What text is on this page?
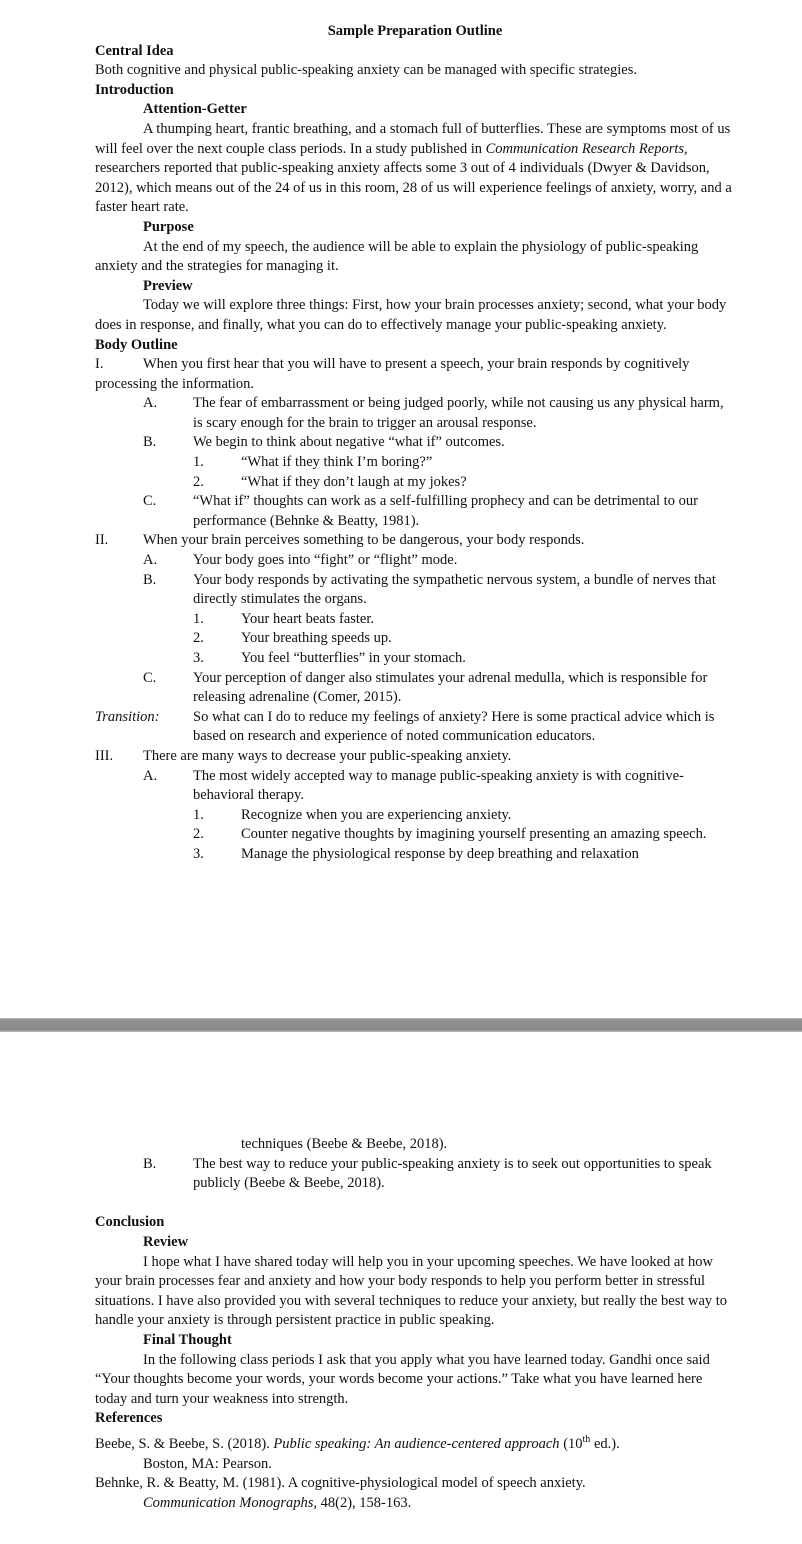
Sample Preparation Outline
Central Idea
Both cognitive and physical public-speaking anxiety can be managed with specific strategies.
Introduction
Attention-Getter
A thumping heart, frantic breathing, and a stomach full of butterflies. These are symptoms most of us will feel over the next couple class periods. In a study published in Communication Research Reports, researchers reported that public-speaking anxiety affects some 3 out of 4 individuals (Dwyer & Davidson, 2012), which means out of the 24 of us in this room, 28 of us will experience feelings of anxiety, worry, and a faster heart rate.
Purpose
At the end of my speech, the audience will be able to explain the physiology of public-speaking anxiety and the strategies for managing it.
Preview
Today we will explore three things: First, how your brain processes anxiety; second, what your body does in response, and finally, what you can do to effectively manage your public-speaking anxiety.
Body Outline
I.	When you first hear that you will have to present a speech, your brain responds by cognitively processing the information.
A.	The fear of embarrassment or being judged poorly, while not causing us any physical harm, is scary enough for the brain to trigger an arousal response.
B.	We begin to think about negative “what if” outcomes.
1.	“What if they think I’m boring?”
2.	“What if they don’t laugh at my jokes?
C.	“What if” thoughts can work as a self-fulfilling prophecy and can be detrimental to our performance (Behnke & Beatty, 1981).
II.	When your brain perceives something to be dangerous, your body responds.
A.	Your body goes into “fight” or “flight” mode.
B.	Your body responds by activating the sympathetic nervous system, a bundle of nerves that directly stimulates the organs.
1.	Your heart beats faster.
2.	Your breathing speeds up.
3.	You feel “butterflies” in your stomach.
C.	Your perception of danger also stimulates your adrenal medulla, which is responsible for releasing adrenaline (Comer, 2015).
Transition:	So what can I do to reduce my feelings of anxiety? Here is some practical advice which is based on research and experience of noted communication educators.
III.	There are many ways to decrease your public-speaking anxiety.
A.	The most widely accepted way to manage public-speaking anxiety is with cognitive-behavioral therapy.
1.	Recognize when you are experiencing anxiety.
2.	Counter negative thoughts by imagining yourself presenting an amazing speech.
3.	Manage the physiological response by deep breathing and relaxation
techniques (Beebe & Beebe, 2018).
B.	The best way to reduce your public-speaking anxiety is to seek out opportunities to speak publicly (Beebe & Beebe, 2018).
Conclusion
Review
I hope what I have shared today will help you in your upcoming speeches. We have looked at how your brain processes fear and anxiety and how your body responds to help you perform better in stressful situations. I have also provided you with several techniques to reduce your anxiety, but really the best way to handle your anxiety is through persistent practice in public speaking.
Final Thought
In the following class periods I ask that you apply what you have learned today. Gandhi once said “Your thoughts become your words, your words become your actions.” Take what you have learned here today and turn your weakness into strength.
References
Beebe, S. & Beebe, S. (2018). Public speaking: An audience-centered approach (10th ed.).
Boston, MA: Pearson.
Behnke, R. & Beatty, M. (1981). A cognitive-physiological model of speech anxiety.
Communication Monographs, 48(2), 158-163.
